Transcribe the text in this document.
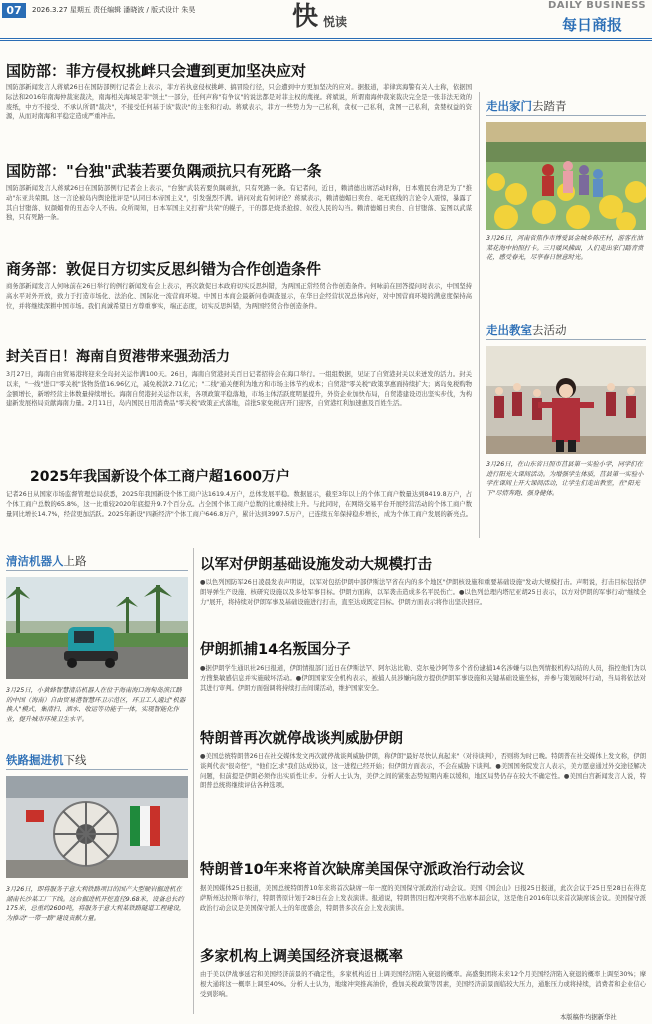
07	2026.3.27 星期五 责任编辑 潘晓波 / 版式设计 朱昊	快 悦读
DAILY BUSINESS
每日商报
国防部：菲方侵权挑衅只会遭到更加坚决应对
国防部新闻发言人蒋斌26日在国防部例行记者会上表示，菲方若执意侵权挑衅、搞冒险行径，只会遭到中方更加坚决的应对。据报道，菲律宾海警有关人士称，依据国际法和2016年南海仲裁案裁决，南海相关海域是菲"领土"一部分，任何声称"有争议"的说法都是对菲主权的蔑视。蒋斌说，所谓南海仲裁案裁决完全是一张非法无效的废纸，中方不接受、不承认所谓"裁决"，不接受任何基于该"裁决"的主张和行动。蒋斌表示，菲方一些势力为一己私利，贪权一己私利，贪图一己私利，贪婪权益的资源，从而对南海和平稳定造成严重冲击。
国防部："台独"武装若要负隅顽抗只有死路一条
国防部新闻发言人蒋斌26日在国防部例行记者会上表示，"台独"武装若要负隅顽抗，只有死路一条。有记者问，近日，赖清德出席活动时称，日本殖民台湾是为了"推动"东亚共荣圈。这一言论被岛内舆论批评是"认同日本帝国主义"，引发强烈不满。请问对此有何评论？蒋斌表示，赖清德媚日卖台、毫无底线的言论令人震惊，暴露了其自甘堕落、奴颜媚骨的丑态令人不齿。众所周知，日本军国主义打着"共荣"的幌子，干的都是烧杀抢掠、奴役人民的勾当。赖清德媚日卖台、自甘堕落、妄图以武谋独，只有死路一条。
商务部：敦促日方切实反思纠错为合作创造条件
商务部新闻发言人何咏前在26日举行的例行新闻发布会上表示，再次敦促日本政府切实反思纠错，为两国正常经贸合作创造条件。何咏前在回答提问时表示，中国坚持高水平对外开放，致力于打造市场化、法治化、国际化一流营商环境。中国日本商会最新问卷调查显示，在华日企经营状况总体向好，对中国营商环境的满意度保持高位，并将继续深耕中国市场。我们真诚希望日方尊重事实，端正态度，切实反思纠错，为两国经贸合作创造条件。
封关百日！海南自贸港带来强劲活力
3月27日，海南自由贸易港将迎来全岛封关运作满100天。26日，海南自贸港封关百日记者招待会在海口举行。一组组数据，见证了自贸港封关以来迸发的活力。封关以来，"一线"进口"零关税"货物货值16.96亿元，减免税款2.71亿元；"二线"通关便利为地方和市场主体节约成本；自贸港"零关税"政策享惠面持续扩大；离岛免税购物金额增长，新增经营主体数量持续增长。海南自贸港封关运作以来，各项政策平稳落地，市场主体活跃度明显提升，外资企业加快布局，自贸港建设迈出坚实步伐，为构建新发展格局贡献海南力量。2月11日，岛内国民日用消费品"零关税"政策正式落地，首批5家免税店开门迎客，自贸港红利加速惠及百姓生活。
2025年我国新设个体工商户超1600万户
记者26日从国家市场监督管理总局获悉，2025年我国新设个体工商户达1619.4万户，总体发展平稳。数据显示，截至3年以上的个体工商户数量达到8419.8万户，占个体工商户总数的65.8%，这一比重较2020年底提升9.7个百分点。占全国个体工商户总数的比重持续上升。与此同时，在网络交易平台开展经营活动的个体工商户数量同比增长14.7%，经营更加活跃。2025年新设"四新经济"个体工商户646.8万户，累计达到3997.5万户，已连续五年保持稳步增长，成为个体工商户发展的新亮点。
以军对伊朗基础设施发动大规模打击
●以色列国防军26日凌晨发表声明说，以军对包括伊朗中部伊斯法罕省在内的多个地区"伊朗核设施和重要基础设施"发动大规模打击。声明说，打击目标包括伊朗导弹生产设施、核研究设施以及多处军事目标。伊朗方面称，以军袭击造成多名平民伤亡。●以色列总理内塔尼亚胡25日表示，以方对伊朗的军事行动"继续全力"展开，将持续对伊朗军事及基础设施进行打击，直至达成既定目标。伊朗方面表示将作出坚决回应。
伊朗抓捕14名叛国分子
●据伊朗学生通讯社26日报道，伊朗情报部门近日在伊斯法罕、阿尔达比勒、克尔曼沙阿等多个省份逮捕14名涉嫌与以色列情报机构勾结的人员，指控他们为以方搜集敏感信息并实施破坏活动。●伊朗国家安全机构表示，被捕人员涉嫌向敌方提供伊朗军事设施和关键基础设施坐标，并参与策划破坏行动，当局将依法对其进行审判。伊朗方面强调将持续打击间谍活动，维护国家安全。
特朗普再次就停战谈判威胁伊朗
●美国总统特朗普26日在社交媒体发文再次就停战谈判威胁伊朗，称伊朗"最好尽快认真起来"（对待谈判），否则将为时已晚。特朗普在社交媒体上发文称，伊朗谈判代表"很奇怪"，"他们乞求"我们达成协议，这一进程已经开始；但伊朗方面表示，不会在威胁下谈判。●美国国务院发言人表示，美方愿意通过外交途径解决问题，但前提是伊朗必须作出实质性让步。分析人士认为，美伊之间的紧张态势短期内难以缓和，地区局势仍存在较大不确定性。●美国白宫新闻发言人说，特朗普总统将继续评估各种选项。
特朗普10年来将首次缺席美国保守派政治行动会议
据美国媒体25日报道，美国总统特朗普10年来将首次缺席一年一度的美国保守派政治行动会议。美国《国会山》日报25日报道，此次会议于25日至28日在得克萨斯州达拉斯市举行，特朗普原计划于28日在会上发表演讲。报道说，特朗普因日程冲突将不出席本届会议，这是他自2016年以来首次缺席该会议。美国保守派政治行动会议是美国保守派人士的年度盛会，特朗普多次在会上发表演讲。
多家机构上调美国经济衰退概率
由于美以伊战事延宕和美国经济前景的不确定性，多家机构近日上调美国经济陷入衰退的概率。高盛集团将未来12个月美国经济陷入衰退的概率上调至30%；摩根大通将这一概率上调至40%。分析人士认为，地缘冲突推高油价，叠加关税政策等因素，美国经济前景面临较大压力，通胀压力或将持续，消费者和企业信心受到影响。
本版稿件均据新华社
走出家门去踏青
3月26日，河南省焦作市博爱县金城乡陈庄村，游客在油菜花海中拍照打卡。三月暖风拂面，人们走出家门踏青赏花，感受春光，尽享春日惬意时光。
走出教室去活动
3月26日，在山东省日照市莒县第一实验小学，同学们在进行阳光大课间活动。为增强学生体质，莒县第一实验小学在课间上开大课间活动，让学生们走出教室，在"阳光下"尽情奔跑、强身健体。
清洁机器人上路
3月25日，小黄蜂智慧清洁机器人在位于海南海口海甸岛滨江路的中国（海南）自由贸易港智慧环卫示范区，环卫工人通过"机器换人"模式，集清扫、洒水、收运等功能于一体，实现智能化作业，提升城市环境卫生水平。
铁路掘进机下线
3月26日，即将服务于意大利铁路项目的国产大型硬岩掘进机在湖南长沙某工厂下线。这台掘进机开挖直径9.68米，设备总长约175米，总重约2600吨，将服务于意大利某铁路隧道工程建设，为推动"一带一路"建设贡献力量。
